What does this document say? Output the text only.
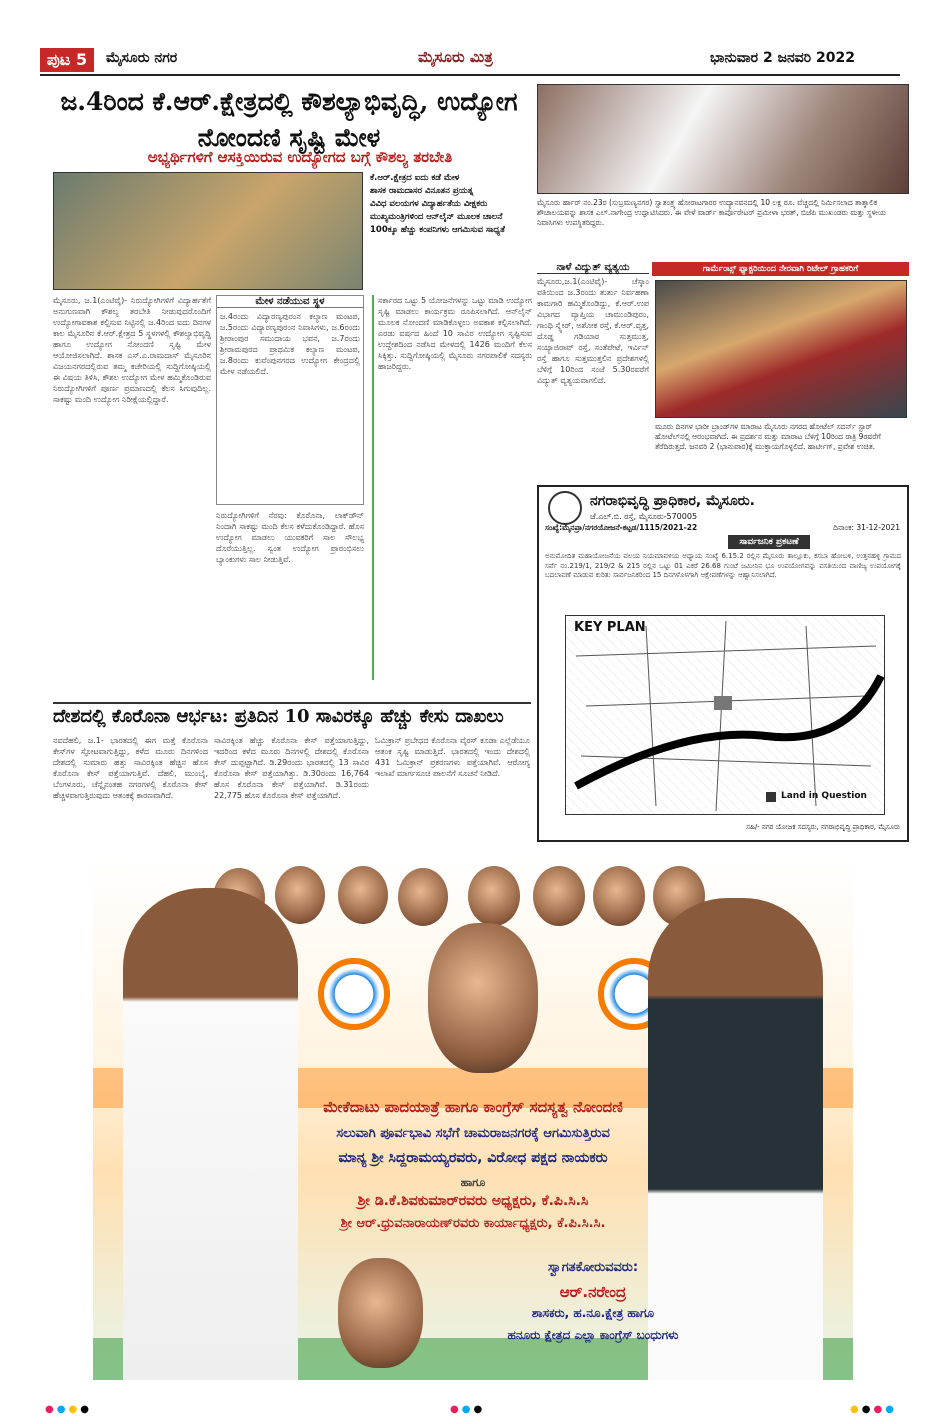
ಪುಟ 5	ಮೈಸೂರು ನಗರ	ಮೈಸೂರು ಮಿತ್ರ	ಭಾನುವಾರ 2 ಜನವರಿ 2022
ಜ.4ರಿಂದ ಕೆ.ಆರ್.ಕ್ಷೇತ್ರದಲ್ಲಿ ಕೌಶಲ್ಯಾಭಿವೃದ್ಧಿ, ಉದ್ಯೋಗ ನೋಂದಣಿ ಸೃಷ್ಟಿ ಮೇಳ
ಅಭ್ಯರ್ಥಿಗಳಿಗೆ ಆಸಕ್ತಿಯಿರುವ ಉದ್ಯೋಗದ ಬಗ್ಗೆ ಕೌಶಲ್ಯ ತರಬೇತಿ
ಕೆ.ಆರ್.ಕ್ಷೇತ್ರದ ಐದು ಕಡೆ ಮೇಳ
ಶಾಸಕ ರಾಮದಾಸರ ವಿನೂತನ ಪ್ರಯತ್ನ
ವಿವಿಧ ವಲಯಗಳ ವಿದ್ಯಾರ್ಹತೆಯ ವೀಕ್ಷಕರು
ಮುಖ್ಯಮಂತ್ರಿಗಳಿಂದ ಆನ್‌ಲೈನ್ ಮೂಲಕ ಚಾಲನೆ
100ಕ್ಕೂ ಹೆಚ್ಚು ಕಂಪನಿಗಳು ಆಗಮಿಸುವ ಸಾಧ್ಯತೆ
ಮೈಸೂರು, ಜ.1(ಎಂಟಿವೈ)- ನಿರುದ್ಯೋಗಿಗಳಿಗೆ ವಿದ್ಯಾರ್ಹತೆಗೆ ಅನುಗುಣವಾಗಿ ಕೌಶಲ್ಯ ತರಬೇತಿ ನೀಡುವುದರೊಂದಿಗೆ ಉದ್ಯೋಗಾವಕಾಶ ಕಲ್ಪಿಸುವ ನಿಟ್ಟಿನಲ್ಲಿ ಜ.4ರಿಂದ ಐದು ದಿನಗಳ ಕಾಲ ಮೈಸೂರಿನ ಕೆ.ಆರ್.ಕ್ಷೇತ್ರದ 5 ಸ್ಥಳಗಳಲ್ಲಿ ಕೌಶಲ್ಯಾಭಿವೃದ್ಧಿ ಹಾಗೂ ಉದ್ಯೋಗ ನೋಂದಣಿ ಸೃಷ್ಟಿ ಮೇಳ ಆಯೋಜಿಸಲಾಗಿದೆ. ಶಾಸಕ ಎಸ್.ಎ.ರಾಮದಾಸ್ ಮೈಸೂರಿನ ವಿಜಯನಗರದಲ್ಲಿರುವ ತಮ್ಮ ಕಚೇರಿಯಲ್ಲಿ ಸುದ್ದಿಗೋಷ್ಠಿಯಲ್ಲಿ ಈ ವಿಷಯ ತಿಳಿಸಿ, ಕೌಶಲ ಉದ್ಯೋಗ ಮೇಳ ಹಮ್ಮಿಕೊಂಡಿರುವ ನಿರುದ್ಯೋಗಿಗಳಿಗೆ ಪೂರ್ಣ ಪ್ರಮಾಣದಲ್ಲಿ ಕೆಲಸ ಸಿಗುವುದಿಲ್ಲ. ಸಾಕಷ್ಟು ಮಂದಿ ಉದ್ಯೋಗ ನಿರೀಕ್ಷೆಯಲ್ಲಿದ್ದಾರೆ.
ಮೇಳ ನಡೆಯುವ ಸ್ಥಳ
ಜ.4ರಂದು ವಿದ್ಯಾರಣ್ಯಪುರಂನ ಕಲ್ಯಾಣ ಮಂಟಪ, ಜ.5ರಂದು ವಿದ್ಯಾರಣ್ಯಪುರಂನ ನಿವಾಸಿಗಳು, ಜ.6ರಂದು ಶ್ರೀರಾಂಪುರ ಸಮುದಾಯ ಭವನ, ಜ.7ರಂದು ಶ್ರೀರಾಮಪುರದ ಪ್ರಾಥಮಿಕ ಕಲ್ಯಾಣ ಮಂಟಪ, ಜ.8ರಂದು ಕುವೆಂಪುನಗರದ ಉದ್ಯೋಗ ಕೇಂದ್ರದಲ್ಲಿ ಮೇಳ ನಡೆಯಲಿದೆ.
ನಿರುದ್ಯೋಗಿಗಳಿಗೆ ನೆರವು: ಕೊರೊನಾ, ಲಾಕ್‌ಡೌನ್ ನಿಂದಾಗಿ ಸಾಕಷ್ಟು ಮಂದಿ ಕೆಲಸ ಕಳೆದುಕೊಂಡಿದ್ದಾರೆ. ಹೊಸ ಉದ್ಯೋಗ ಮಾಡಲು ಯುವಕರಿಗೆ ಸಾಲ ಸೌಲಭ್ಯ ದೊರೆಯುತ್ತಿಲ್ಲ. ಸ್ವಂತ ಉದ್ಯೋಗ ಪ್ರಾರಂಭಿಸಲು ಬ್ಯಾಂಕುಗಳು ಸಾಲ ನೀಡುತ್ತಿವೆ.
ಸರ್ಕಾರದ ಒಟ್ಟು 5 ಯೋಜನೆಗಳನ್ನು ಒಟ್ಟು ಮಾಡಿ ಉದ್ಯೋಗ ಸೃಷ್ಟಿ ಮಾಡಲು ಕಾರ್ಯಕ್ರಮ ರೂಪಿಸಲಾಗಿದೆ. ಆನ್‌ಲೈನ್ ಮೂಲಕ ನೋಂದಣಿ ಮಾಡಿಕೊಳ್ಳಲು ಅವಕಾಶ ಕಲ್ಪಿಸಲಾಗಿದೆ. ಎರಡು ವರ್ಷದ ಹಿಂದೆ 10 ಸಾವಿರ ಉದ್ಯೋಗ ಸೃಷ್ಟಿಸುವ ಉದ್ದೇಶದಿಂದ ನಡೆಸಿದ ಮೇಳದಲ್ಲಿ 1426 ಮಂದಿಗೆ ಕೆಲಸ ಸಿಕ್ಕಿತ್ತು. ಸುದ್ದಿಗೋಷ್ಠಿಯಲ್ಲಿ ಮೈಸೂರು ನಗರಪಾಲಿಕೆ ಸದಸ್ಯರು ಹಾಜರಿದ್ದರು.
ದೇಶದಲ್ಲಿ ಕೊರೊನಾ ಆರ್ಭಟ: ಪ್ರತಿದಿನ 10 ಸಾವಿರಕ್ಕೂ ಹೆಚ್ಚು ಕೇಸು ದಾಖಲು
ನವದೆಹಲಿ, ಜ.1- ಭಾರತದಲ್ಲಿ ಈಗ ಮತ್ತೆ ಕೊರೊನಾ ಕೇಸ್‌ಗಳ ಸ್ಫೋಟವಾಗುತ್ತಿದ್ದು, ಕಳೆದ ಮೂರು ದಿನಗಳಿಂದ ದೇಶದಲ್ಲಿ ಸುಮಾರು ಹತ್ತು ಸಾವಿರಕ್ಕಿಂತ ಹೆಚ್ಚಿನ ಹೊಸ ಕೊರೊನಾ ಕೇಸ್ ಪತ್ತೆಯಾಗುತ್ತಿವೆ. ದೆಹಲಿ, ಮುಂಬೈ, ಬೆಂಗಳೂರು, ಚೆನ್ನೈನಂತಹ ನಗರಗಳಲ್ಲಿ ಕೊರೊನಾ ಕೇಸ್ ಹೆಚ್ಚಳವಾಗುತ್ತಿರುವುದು ಆತಂಕಕ್ಕೆ ಕಾರಣವಾಗಿದೆ.
ಸಾವಿರಕ್ಕಿಂತ ಹೆಚ್ಚು ಕೊರೊನಾ ಕೇಸ್ ಪತ್ತೆಯಾಗುತ್ತಿದ್ದು, ಇದರಿಂದ ಕಳೆದ ಮೂರು ದಿನಗಳಲ್ಲಿ ದೇಶದಲ್ಲಿ ಕೊರೊನಾ ಕೇಸ್ ದುಪ್ಪಟ್ಟಾಗಿದೆ. ಡಿ.29ರಂದು ಭಾರತದಲ್ಲಿ 13 ಸಾವಿರ ಕೊರೊನಾ ಕೇಸ್ ಪತ್ತೆಯಾಗಿತ್ತು. ಡಿ.30ರಂದು 16,764 ಹೊಸ ಕೊರೊನಾ ಕೇಸ್ ಪತ್ತೆಯಾಗಿವೆ. ಡಿ.31ರಂದು 22,775 ಹೊಸ ಕೊರೊನಾ ಕೇಸ್ ಪತ್ತೆಯಾಗಿದೆ.
ಓಮಿಕ್ರಾನ್ ಪ್ರಬೇಧದ ಕೊರೊನಾ ವೈರಸ್ ಕೂಡಾ ಎಲ್ಲೆಡೆಯೂ ಆತಂಕ ಸೃಷ್ಟಿ ಮಾಡುತ್ತಿದೆ. ಭಾರತದಲ್ಲಿ ಇಂದು ದೇಶದಲ್ಲಿ 431 ಓಮಿಕ್ರಾನ್ ಪ್ರಕರಣಗಳು ಪತ್ತೆಯಾಗಿವೆ. ಆರೋಗ್ಯ ಇಲಾಖೆ ಮಾರ್ಗಸೂಚಿ ಪಾಲನೆಗೆ ಸೂಚನೆ ನೀಡಿದೆ.
ಮೈಸೂರು ರ್ಹಾರ್ ನಂ.23ರ (ಸುಬ್ರಮಣ್ಯನಗರ) ಸ್ವಾತಂತ್ರ್ಯ ಹೋರಾಟಗಾರರ ಉದ್ಯಾನವನದಲ್ಲಿ 10 ಲಕ್ಷ ರೂ. ವೆಚ್ಚದಲ್ಲಿ ನಿರ್ಮಿಸಲಾದ ತಾತ್ಕಾಲಿಕ ಶೌಚಾಲಯವನ್ನು ಶಾಸಕ ಎಲ್.ನಾಗೇಂದ್ರ ಉದ್ಘಾಟಿಸಿದರು. ಈ ವೇಳೆ ವಾರ್ಡ್ ಕಾರ್ಪೊರೇಟರ್ ಪ್ರಮೀಳಾ ಭರತ್, ಬಿಜೆಪಿ ಮುಖಂಡರು ಮತ್ತು ಸ್ಥಳೀಯ ನಿವಾಸಿಗಳು ಉಪಸ್ಥಿತರಿದ್ದರು.
ನಾಳೆ ವಿದ್ಯುತ್ ವ್ಯತ್ಯಯ
ಮೈಸೂರು,ಜ.1(ಎಂಟಿವೈ)- ಚೆಸ್ಕಾಂ ವತಿಯಿಂದ ಜ.3ರಂದು ತುರ್ತು ನಿರ್ವಹಣಾ ಕಾಮಗಾರಿ ಹಮ್ಮಿಕೊಂಡಿದ್ದು, ಕೆ.ಆರ್.ಉಪ ವಿಭಾಗದ ವ್ಯಾಪ್ತಿಯ ಚಾಮುಂಡಿಪುರಂ, ಗಾಂಧಿ ಸ್ಕ್ವೇರ್, ಅಶೋಕ ರಸ್ತೆ, ಕೆ.ಆರ್.ವೃತ್ತ, ದೊಡ್ಡ ಗಡಿಯಾರ ಸುತ್ತಮುತ್ತ, ಸಯ್ಯಾಜಿರಾವ್ ರಸ್ತೆ, ಸಂತೆಪೇಟೆ, ಇರ್ವಿನ್ ರಸ್ತೆ ಹಾಗೂ ಸುತ್ತಮುತ್ತಲಿನ ಪ್ರದೇಶಗಳಲ್ಲಿ ಬೆಳಿಗ್ಗೆ 10ರಿಂದ ಸಂಜೆ 5.30ರವರೆಗೆ ವಿದ್ಯುತ್ ವ್ಯತ್ಯಯವಾಗಲಿದೆ.
ಗಾರ್ಮೆಂಟ್ಸ್ ಫ್ಯಾಕ್ಟರಿಯಿಂದ ನೇರವಾಗಿ ರಿಟೇಲ್ ಗ್ರಾಹಕರಿಗೆ
ಮೂರು ದಿನಗಳ ಭಾರೀ ಬ್ರಾಂಡ್‌ಗಳ ಮಾರಾಟ ಮೈಸೂರು ನಗರದ ಹೋಟೆಲ್ ಸದರ್ನ್ ಸ್ಟಾರ್ ಹೋಟೆಲ್‌ನಲ್ಲಿ ಆರಂಭವಾಗಿದೆ. ಈ ಪ್ರದರ್ಶನ ಮತ್ತು ಮಾರಾಟ ಬೆಳಿಗ್ಗೆ 10ರಿಂದ ರಾತ್ರಿ 9ರವರೆಗೆ ತೆರೆದಿರುತ್ತದೆ. ಜನವರಿ 2 (ಭಾನುವಾರ)ಕ್ಕೆ ಮುಕ್ತಾಯಗೊಳ್ಳಲಿದೆ. ಹಾರ್ಟೀಗ್, ಪ್ರವೇಶ ಉಚಿತ.
ನಗರಾಭಿವೃದ್ಧಿ ಪ್ರಾಧಿಕಾರ, ಮೈಸೂರು.
ಜೆ.ಎಲ್.ಬಿ. ರಸ್ತೆ, ಮೈಸೂರು-570005
ಸಂಖ್ಯೆ:ಮೈನಪ್ರಾ/ನಗರಯೋಜನೆ-ಕಟ್ಟಡ/1115/2021-22	ದಿನಾಂಕ: 31-12-2021
ಸಾರ್ವಜನಿಕ ಪ್ರಕಟಣೆ
ಅನುಮೋದಿತ ಮಹಾಯೋಜನೆಯ ವಲಯ ನಿಯಮಾವಳಿಯ ಅಧ್ಯಾಯ ಸಂಖ್ಯೆ 6.15.2 ರಲ್ಲಿನ ಮೈಸೂರು ತಾಲ್ಲೂಕು, ಕಸಬಾ ಹೋಬಳಿ, ಉತ್ತನಹಳ್ಳಿ ಗ್ರಾಮದ ಸರ್ವೆ ನಂ.219/1, 219/2 & 215 ರಲ್ಲಿನ ಒಟ್ಟು 01 ಎಕರೆ 26.68 ಗುಂಟೆ ಜಮೀನಿನ ಭೂ ಉಪಯೋಗವನ್ನು ವಸತಿಯಿಂದ ವಾಣಿಜ್ಯ ಉಪಯೋಗಕ್ಕೆ ಬದಲಾವಣೆ ಮಾಡುವ ಕುರಿತು ಸಾರ್ವಜನಿಕರಿಂದ 15 ದಿನಗಳೊಳಗಾಗಿ ಆಕ್ಷೇಪಣೆಗಳನ್ನು ಆಹ್ವಾನಿಸಲಾಗಿದೆ.
KEY PLAN
Land in Question
ಸಹಿ/- ನಗರ ಯೋಜಕ ಸದಸ್ಯರು, ನಗರಾಭಿವೃದ್ಧಿ ಪ್ರಾಧಿಕಾರ, ಮೈಸೂರು
ಮೇಕೆದಾಟು ಪಾದಯಾತ್ರೆ ಹಾಗೂ ಕಾಂಗ್ರೆಸ್ ಸದಸ್ಯತ್ವ ನೋಂದಣಿ
ಸಲುವಾಗಿ ಪೂರ್ವಭಾವಿ ಸಭೆಗೆ ಚಾಮರಾಜನಗರಕ್ಕೆ ಆಗಮಿಸುತ್ತಿರುವ
ಮಾನ್ಯ ಶ್ರೀ ಸಿದ್ದರಾಮಯ್ಯರವರು, ವಿರೋಧ ಪಕ್ಷದ ನಾಯಕರು
ಹಾಗೂ
ಶ್ರೀ ಡಿ.ಕೆ.ಶಿವಕುಮಾರ್‌ರವರು ಅಧ್ಯಕ್ಷರು, ಕೆ.ಪಿ.ಸಿ.ಸಿ
ಶ್ರೀ ಆರ್.ಧ್ರುವನಾರಾಯಣ್‌ರವರು ಕಾರ್ಯಾಧ್ಯಕ್ಷರು, ಕೆ.ಪಿ.ಸಿ.ಸಿ.
ಸ್ವಾಗತಕೋರುವವರು:
ಆರ್.ನರೇಂದ್ರ
ಶಾಸಕರು, ಹ.ನೂ.ಕ್ಷೇತ್ರ ಹಾಗೂ
ಹನೂರು ಕ್ಷೇತ್ರದ ಎಲ್ಲಾ ಕಾಂಗ್ರೆಸ್ ಬಂಧುಗಳು
●●●●	●●●	●●●●
